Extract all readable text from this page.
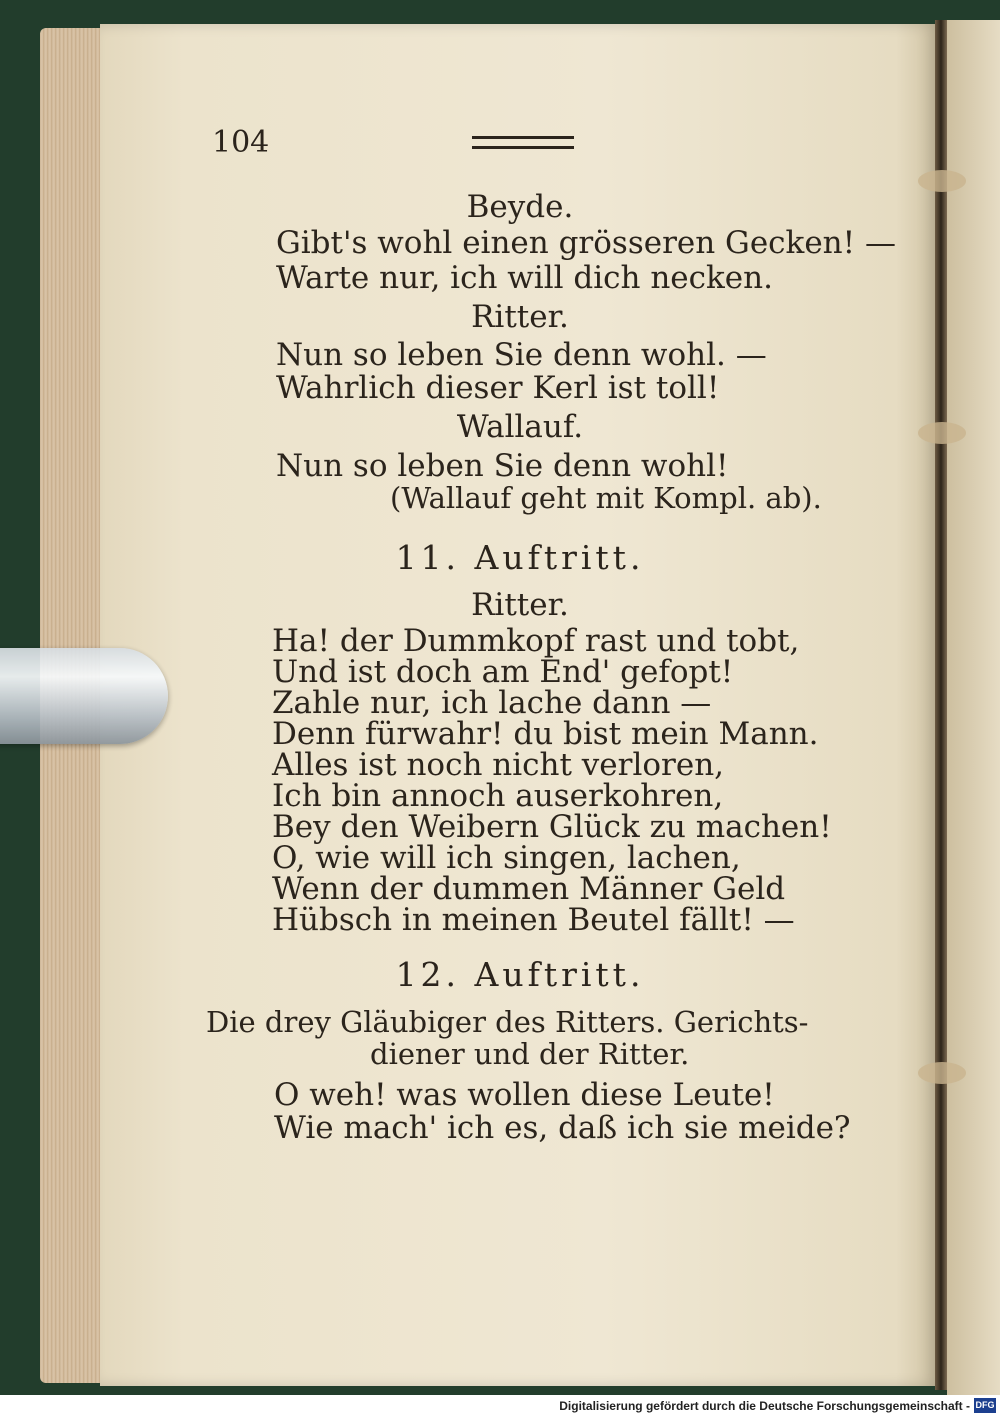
104
Beyde.
Gibt's wohl einen grösseren Gecken! —
Warte nur, ich will dich necken.
Ritter.
Nun so leben Sie denn wohl. —
Wahrlich dieser Kerl ist toll!
Wallauf.
Nun so leben Sie denn wohl!
(Wallauf geht mit Kompl. ab).
11. Auftritt.
Ritter.
Ha! der Dummkopf rast und tobt,
Und ist doch am End' gefopt!
Zahle nur, ich lache dann —
Denn fürwahr! du bist mein Mann.
Alles ist noch nicht verloren,
Ich bin annoch auserkohren,
Bey den Weibern Glück zu machen!
O, wie will ich singen, lachen,
Wenn der dummen Männer Geld
Hübsch in meinen Beutel fällt! —
12. Auftritt.
Die drey Gläubiger des Ritters. Gerichts-
diener und der Ritter.
O weh! was wollen diese Leute!
Wie mach' ich es, daß ich sie meide?
Digitalisierung gefördert durch die Deutsche Forschungsgemeinschaft - DFG
